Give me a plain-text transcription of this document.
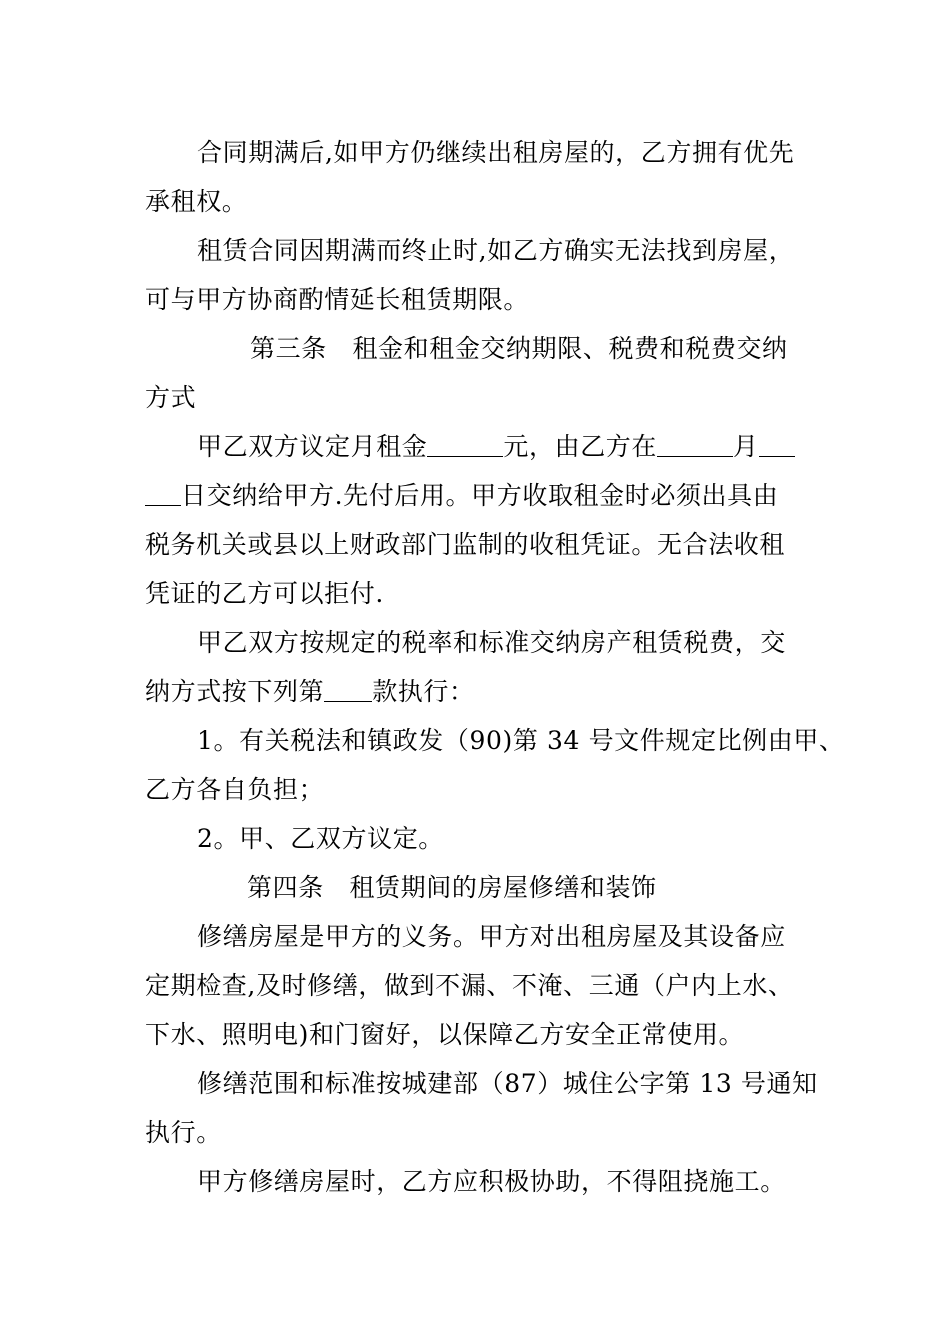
合同期满后,如甲方仍继续出租房屋的，乙方拥有优先
承租权。
租赁合同因期满而终止时,如乙方确实无法找到房屋，
可与甲方协商酌情延长租赁期限。
第三条   租金和租金交纳期限、税费和税费交纳
方式
甲乙双方议定月租金	元，由乙方在	月
日交纳给甲方.先付后用。甲方收取租金时必须出具由
税务机关或县以上财政部门监制的收租凭证。无合法收租
凭证的乙方可以拒付.
甲乙双方按规定的税率和标准交纳房产租赁税费，交
纳方式按下列第 款执行：
1。有关税法和镇政发（90)第 34 号文件规定比例由甲、
乙方各自负担；
2。甲、乙双方议定。
第四条   租赁期间的房屋修缮和装饰
修缮房屋是甲方的义务。甲方对出租房屋及其设备应
定期检查,及时修缮，做到不漏、不淹、三通（户内上水、
下水、照明电)和门窗好，以保障乙方安全正常使用。
修缮范围和标准按城建部（87）城住公字第 13 号通知
执行。
甲方修缮房屋时，乙方应积极协助，不得阻挠施工。
